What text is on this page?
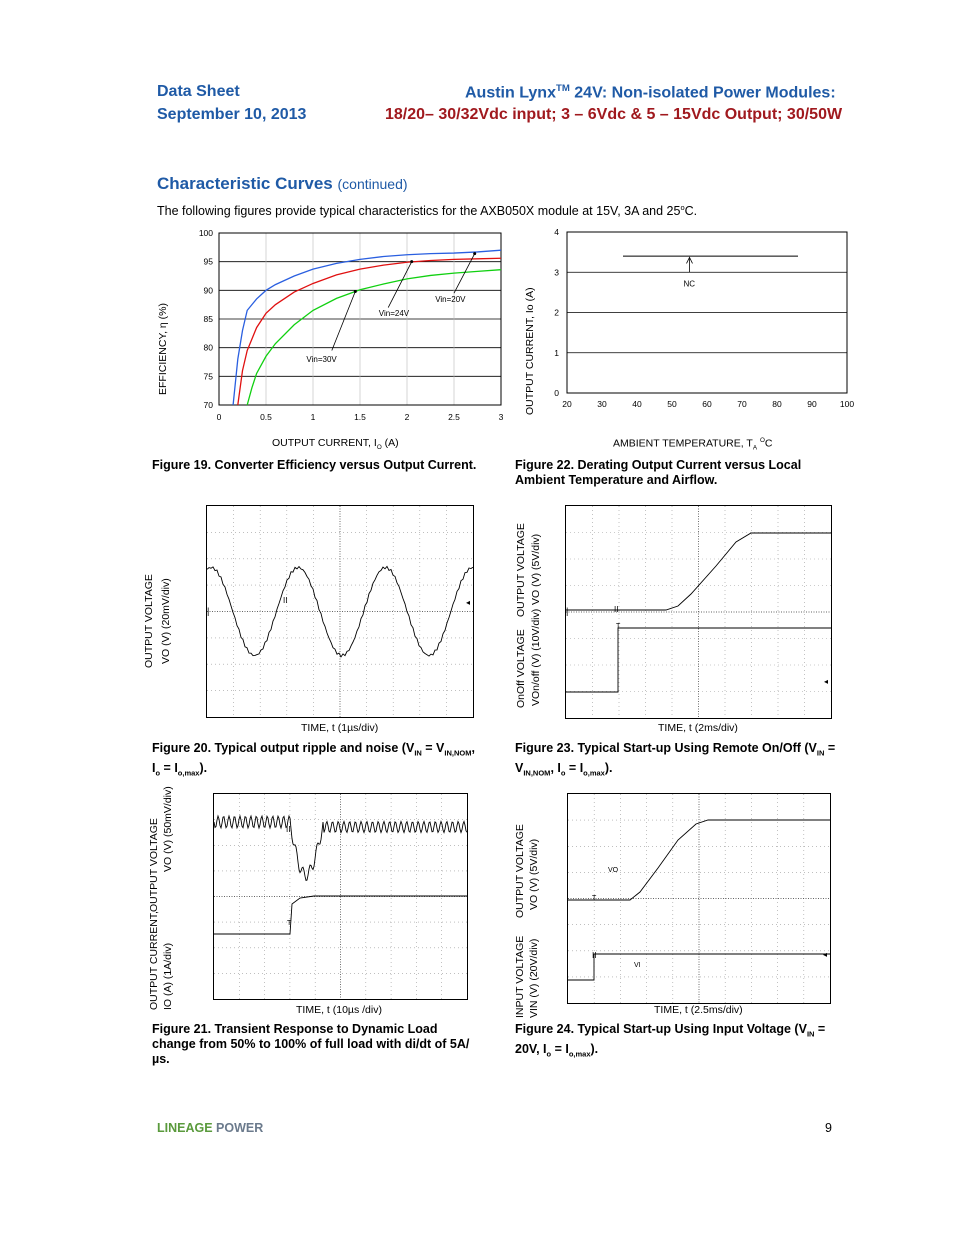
Data Sheet
September 10, 2013
Austin Lynx™ 24V: Non-isolated Power Modules:
18/20– 30/32Vdc input; 3 – 6Vdc & 5 – 15Vdc Output; 30/50W
Characteristic Curves (continued)
The following figures provide typical characteristics for the AXB050X module at 15V, 3A and 25$^o$C.
100
95
90
85
80
75
70
0	0.5	1	1.5	2	2.5	3
Vin=20V
Vin=24V
Vin=30V
EFFICIENCY, η (%)
OUTPUT CURRENT, $I_O$ (A)
Figure 19. Converter Efficiency versus Output Current.
NC
4
3
2
1
0
20	30	40	50	60	70	80	90	100
OUTPUT CURRENT, Io (A)
AMBIENT TEMPERATURE, $T_A$ $^O$C
Figure 22. Derating Output Current versus Local Ambient Temperature and Airflow.
II
|
◂
OUTPUT VOLTAGE VO (V) (20mV/div)
TIME, t (1µs/div)
Figure 20. Typical output ripple and noise ($V_{IN} = V_{IN,NOM}$, $I_o = I_{o,max}$).
II
T
|
◂
OnOff VOLTAGE VOn/off (V) (10V/div)
OUTPUT VOLTAGE VO (V) (5V/div)
TIME, t (2ms/div)
Figure 23. Typical Start-up Using Remote On/Off ($V_{IN} = V_{IN,NOM}$, $I_o = I_{o,max}$).
II
T
OUTPUT CURRENT, IO (A) (1A/div)
OUTPUT VOLTAGE VO (V) (50mV/div)
TIME, t (10µs /div)
Figure 21. Transient Response to Dynamic Load change from 50% to 100% of full load with di/dt of 5A/µs.
VO
VI
T
II	◂
INPUT VOLTAGE VIN (V) (20V/div)
OUTPUT VOLTAGE VO (V) (5V/div)
TIME, t (2.5ms/div)
Figure 24. Typical Start-up Using Input Voltage ($V_{IN} = 20V$, $I_o = I_{o,max}$).
LINEAGE POWER	9
